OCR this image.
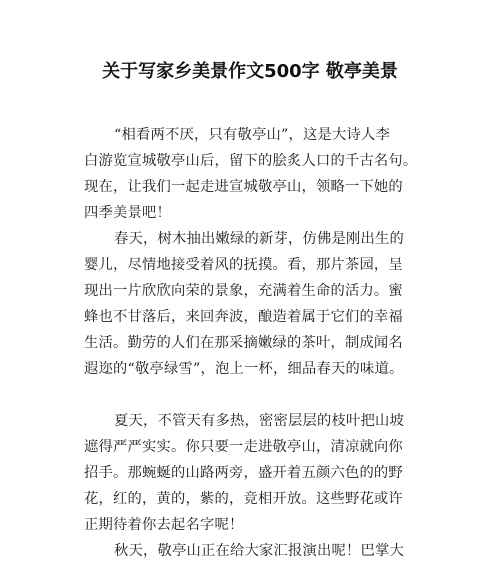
关于写家乡美景作文500字 敬亭美景
“相看两不厌，只有敬亭山”，这是大诗人李
白游览宣城敬亭山后，留下的脍炙人口的千古名句。
现在，让我们一起走进宣城敬亭山，领略一下她的
四季美景吧！
春天，树木抽出嫩绿的新芽，仿佛是刚出生的
婴儿，尽情地接受着风的抚摸。看，那片茶园，呈
现出一片欣欣向荣的景象，充满着生命的活力。蜜
蜂也不甘落后，来回奔波，酿造着属于它们的幸福
生活。勤劳的人们在那采摘嫩绿的茶叶，制成闻名
遐迩的“敬亭绿雪”，泡上一杯，细品春天的味道。
夏天，不管天有多热，密密层层的枝叶把山坡
遮得严严实实。你只要一走进敬亭山，清凉就向你
招手。那蜿蜒的山路两旁，盛开着五颜六色的的野
花，红的，黄的，紫的，竞相开放。这些野花或许
正期待着你去起名字呢！
秋天，敬亭山正在给大家汇报演出呢！巴掌大
